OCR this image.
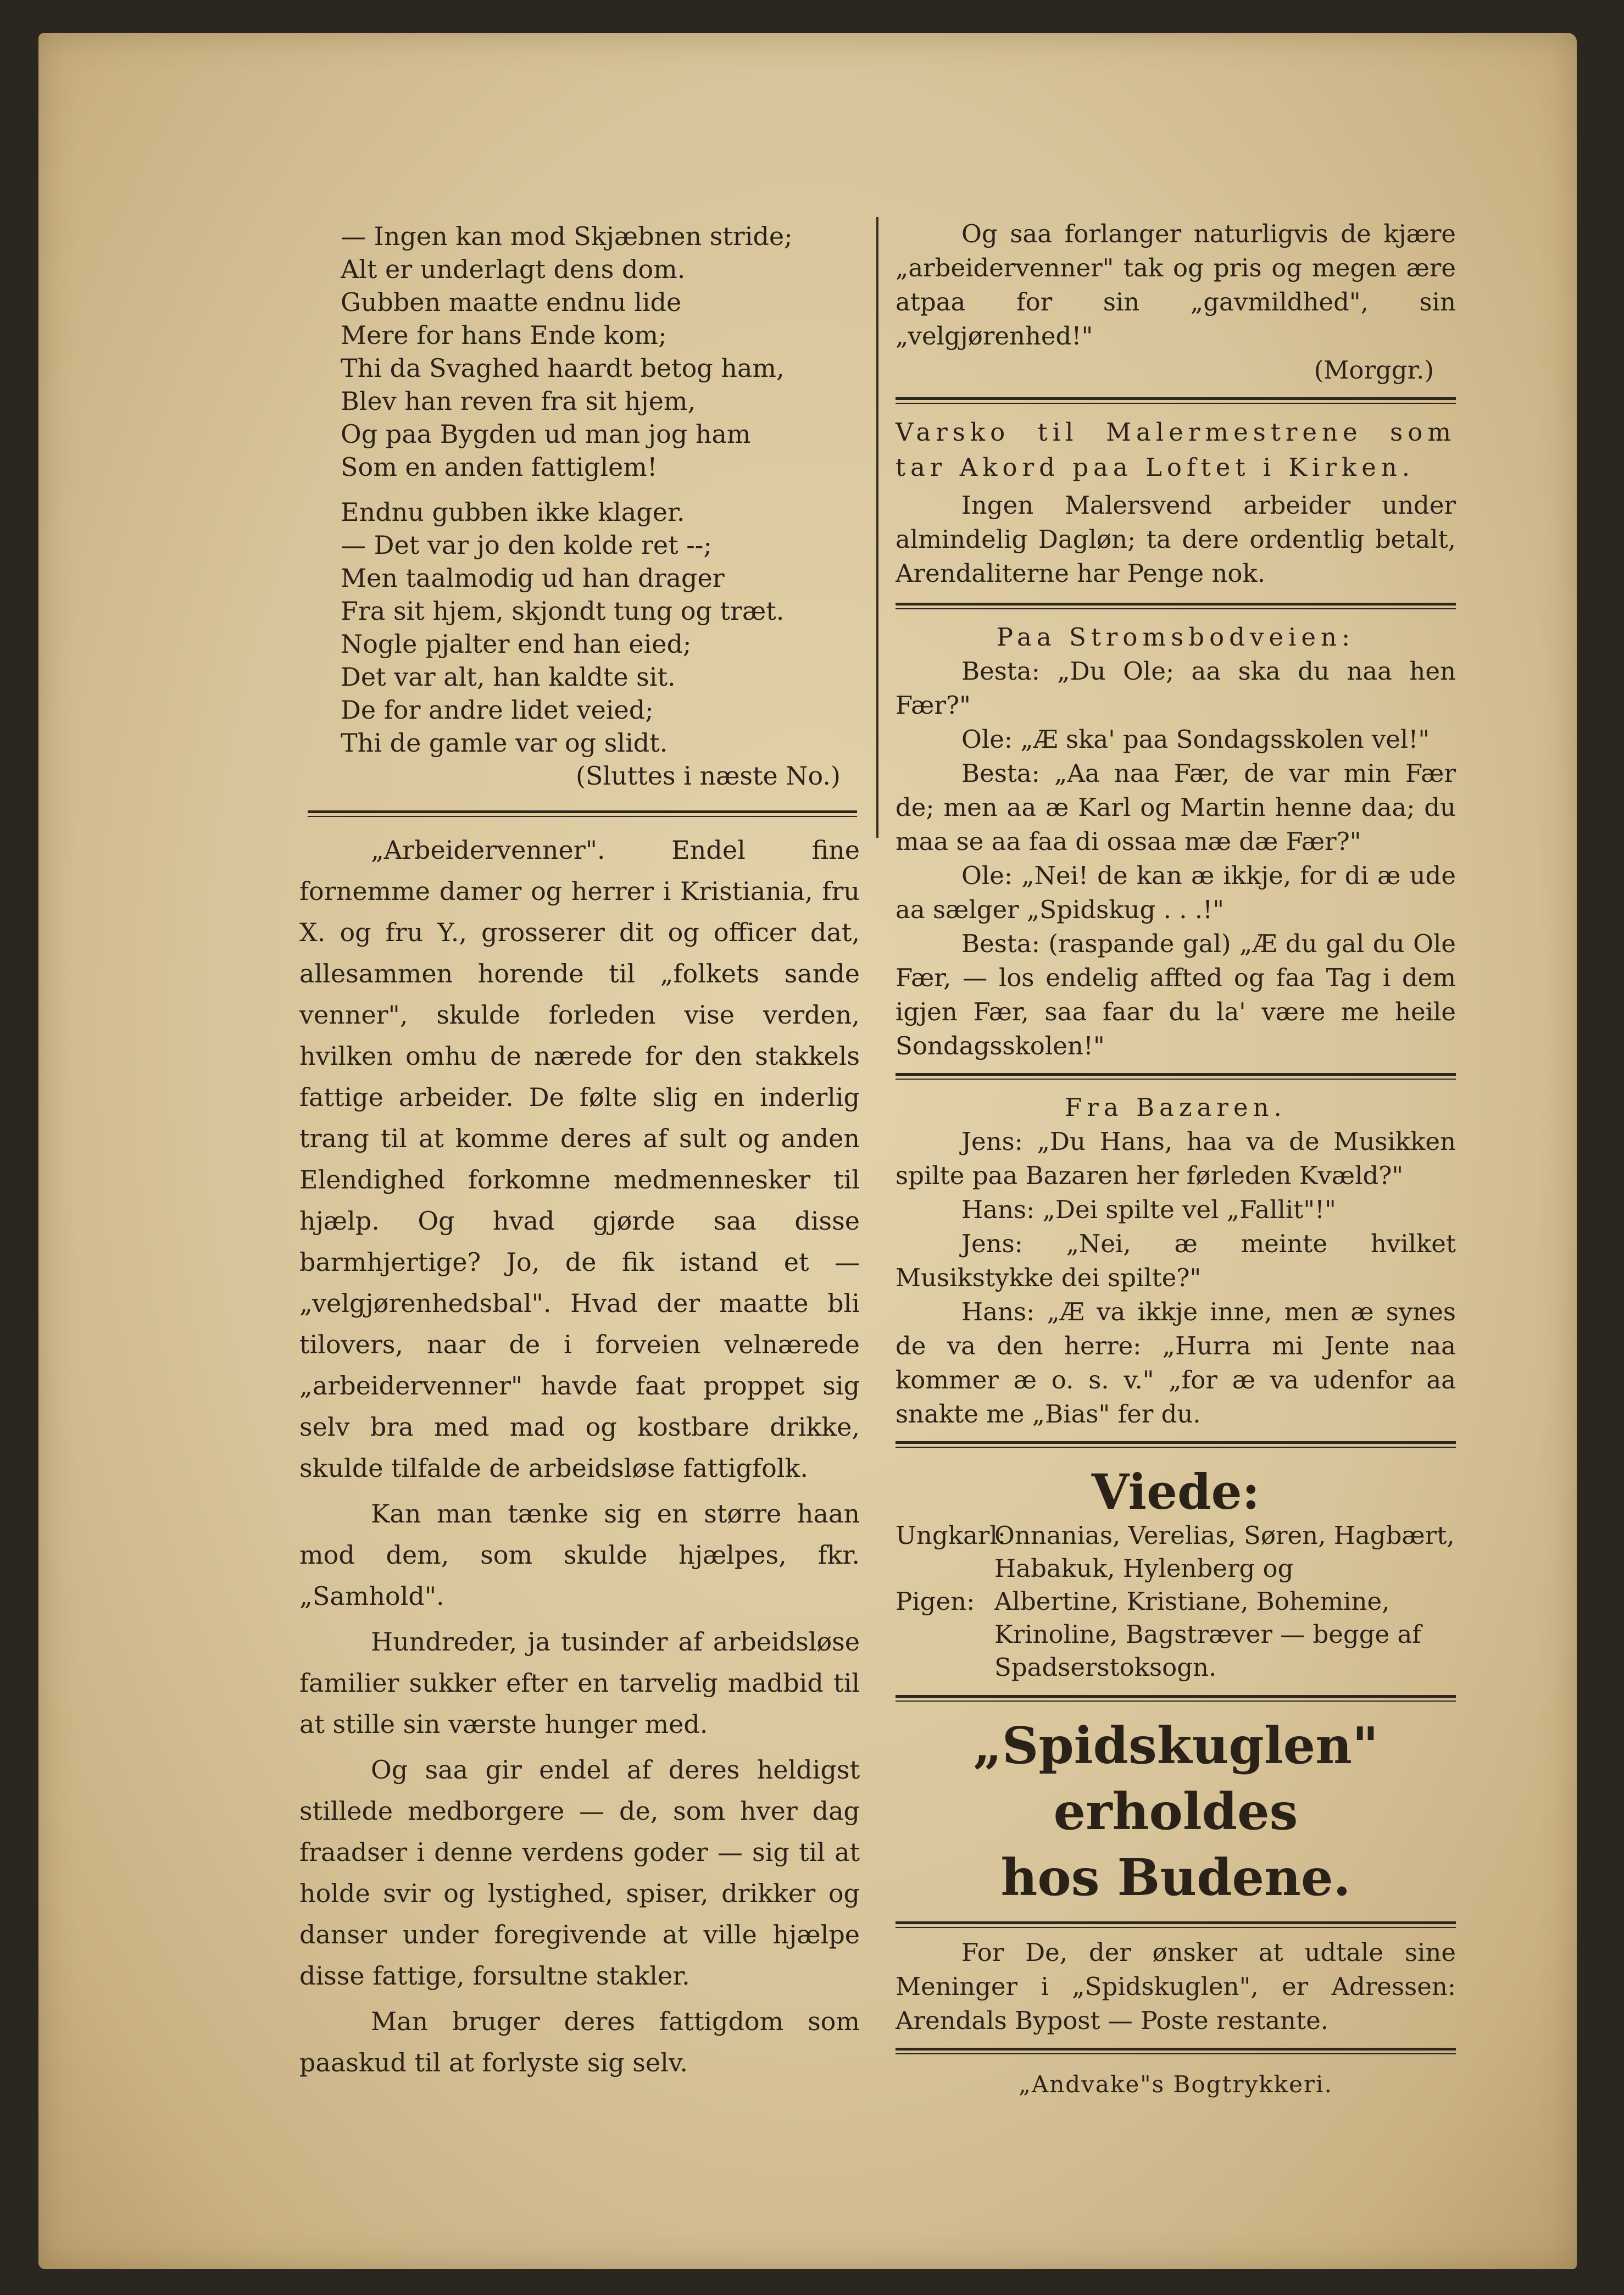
— Ingen kan mod Skjæbnen stride;

Alt er underlagt dens dom.

Gubben maatte endnu lide

Mere for hans Ende kom;

Thi da Svaghed haardt betog ham,

Blev han reven fra sit hjem,

Og paa Bygden ud man jog ham

Som en anden fattiglem!

Endnu gubben ikke klager.

— Det var jo den kolde ret --;

Men taalmodig ud han drager

Fra sit hjem, skjondt tung og træt.

Nogle pjalter end han eied;

Det var alt, han kaldte sit.

De for andre lidet veied;

Thi de gamle var og slidt.

(Sluttes i næste No.)

„Arbeidervenner". Endel fine fornemme damer og herrer i Kristiania, fru X. og fru Y., grosserer dit og officer dat, allesammen horende til „folkets sande venner", skulde forleden vise verden, hvilken omhu de nærede for den stakkels fattige arbeider. De følte slig en inderlig trang til at komme deres af sult og anden Elendighed forkomne medmennesker til hjælp. Og hvad gjørde saa disse barmhjertige? Jo, de fik istand et — „velgjørenhedsbal". Hvad der maatte bli tilovers, naar de i forveien velnærede „arbeidervenner" havde faat proppet sig selv bra med mad og kostbare drikke, skulde tilfalde de arbeidsløse fattigfolk.

Kan man tænke sig en større haan mod dem, som skulde hjælpes, fkr. „Samhold".

Hundreder, ja tusinder af arbeidsløse familier sukker efter en tarvelig madbid til at stille sin værste hunger med.

Og saa gir endel af deres heldigst stillede medborgere — de, som hver dag fraadser i denne verdens goder — sig til at holde svir og lystighed, spiser, drikker og danser under foregivende at ville hjælpe disse fattige, forsultne stakler.

Man bruger deres fattigdom som paaskud til at forlyste sig selv.

Og saa forlanger naturligvis de kjære „arbeidervenner" tak og pris og megen ære atpaa for sin „gavmildhed", sin „velgjørenhed!"

(Morggr.)

Varsko til Malermestrene som tar Akord paa Loftet i Kirken.

Ingen Malersvend arbeider under almindelig Dagløn; ta dere ordentlig betalt, Arendaliterne har Penge nok.

Paa Stromsbodveien:

Besta: „Du Ole; aa ska du naa hen Fær?"

Ole: „Æ ska' paa Sondagsskolen vel!"

Besta: „Aa naa Fær, de var min Fær de; men aa æ Karl og Martin henne daa; du maa se aa faa di ossaa mæ dæ Fær?"

Ole: „Nei! de kan æ ikkje, for di æ ude aa sælger „Spidskug . . .!"

Besta: (raspande gal) „Æ du gal du Ole Fær, — los endelig affted og faa Tag i dem igjen Fær, saa faar du la' være me heile Sondagsskolen!"

Fra Bazaren.

Jens: „Du Hans, haa va de Musikken spilte paa Bazaren her førleden Kvæld?"

Hans: „Dei spilte vel „Fallit"!"

Jens: „Nei, æ meinte hvilket Musikstykke dei spilte?"

Hans: „Æ va ikkje inne, men æ synes de va den herre: „Hurra mi Jente naa kommer æ o. s. v." „for æ va udenfor aa snakte me „Bias" fer du.

Viede:

Ungkarl:
Onnanias, Verelias, Søren, Hagbært, Habakuk, Hylenberg og
Pigen: Albertine, Kristiane, Bohemine, Krinoline, Bagstræver — begge af Spadserstoksogn.

„Spidskuglen" erholdes
hos Budene.

For De, der ønsker at udtale sine Meninger i „Spidskuglen", er Adressen: Arendals Bypost — Poste restante.

„Andvake"s Bogtrykkeri.
